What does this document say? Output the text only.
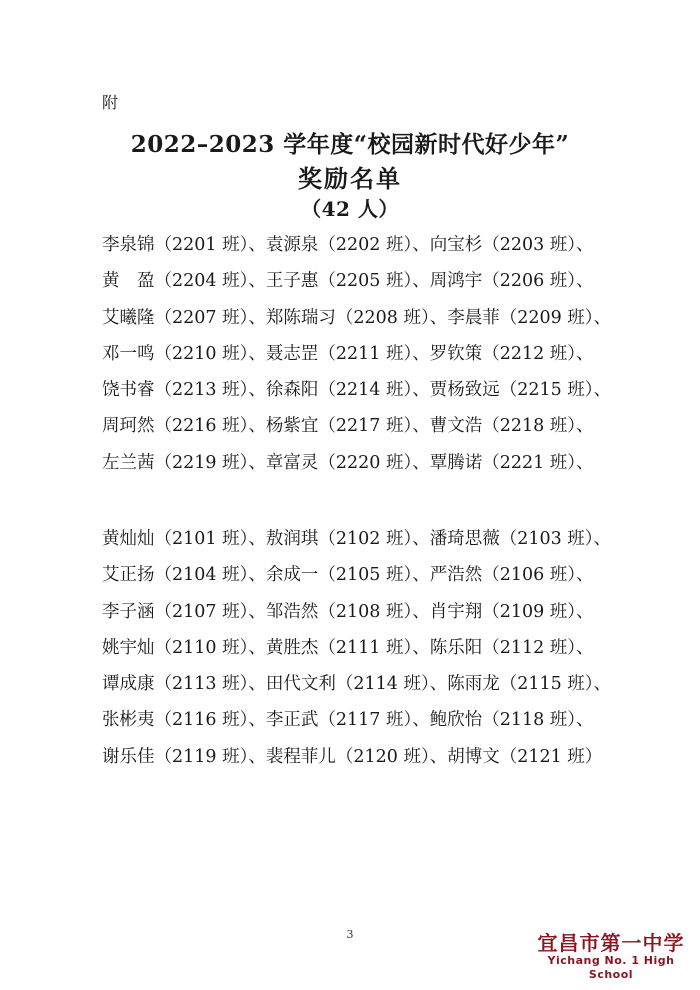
附
2022–2023 学年度“校园新时代好少年”
奖励名单
（42 人）
李泉锦（2201 班）、袁源泉（2202 班）、向宝杉（2203 班）、
黄　盈（2204 班）、王子惠（2205 班）、周鸿宇（2206 班）、
艾曦隆（2207 班）、郑陈瑞习（2208 班）、李晨菲（2209 班）、
邓一鸣（2210 班）、聂志罡（2211 班）、罗钦策（2212 班）、
饶书睿（2213 班）、徐森阳（2214 班）、贾杨致远（2215 班）、
周珂然（2216 班）、杨紫宜（2217 班）、曹文浩（2218 班）、
左兰茜（2219 班）、章富灵（2220 班）、覃腾诺（2221 班）、
黄灿灿（2101 班）、敖润琪（2102 班）、潘琦思薇（2103 班）、
艾正扬（2104 班）、余成一（2105 班）、严浩然（2106 班）、
李子涵（2107 班）、邹浩然（2108 班）、肖宇翔（2109 班）、
姚宇灿（2110 班）、黄胜杰（2111 班）、陈乐阳（2112 班）、
谭成康（2113 班）、田代文利（2114 班）、陈雨龙（2115 班）、
张彬夷（2116 班）、李正武（2117 班）、鲍欣怡（2118 班）、
谢乐佳（2119 班）、裴程菲儿（2120 班）、胡博文（2121 班）
3	宜昌市第一中学
Yichang No. 1 High School
